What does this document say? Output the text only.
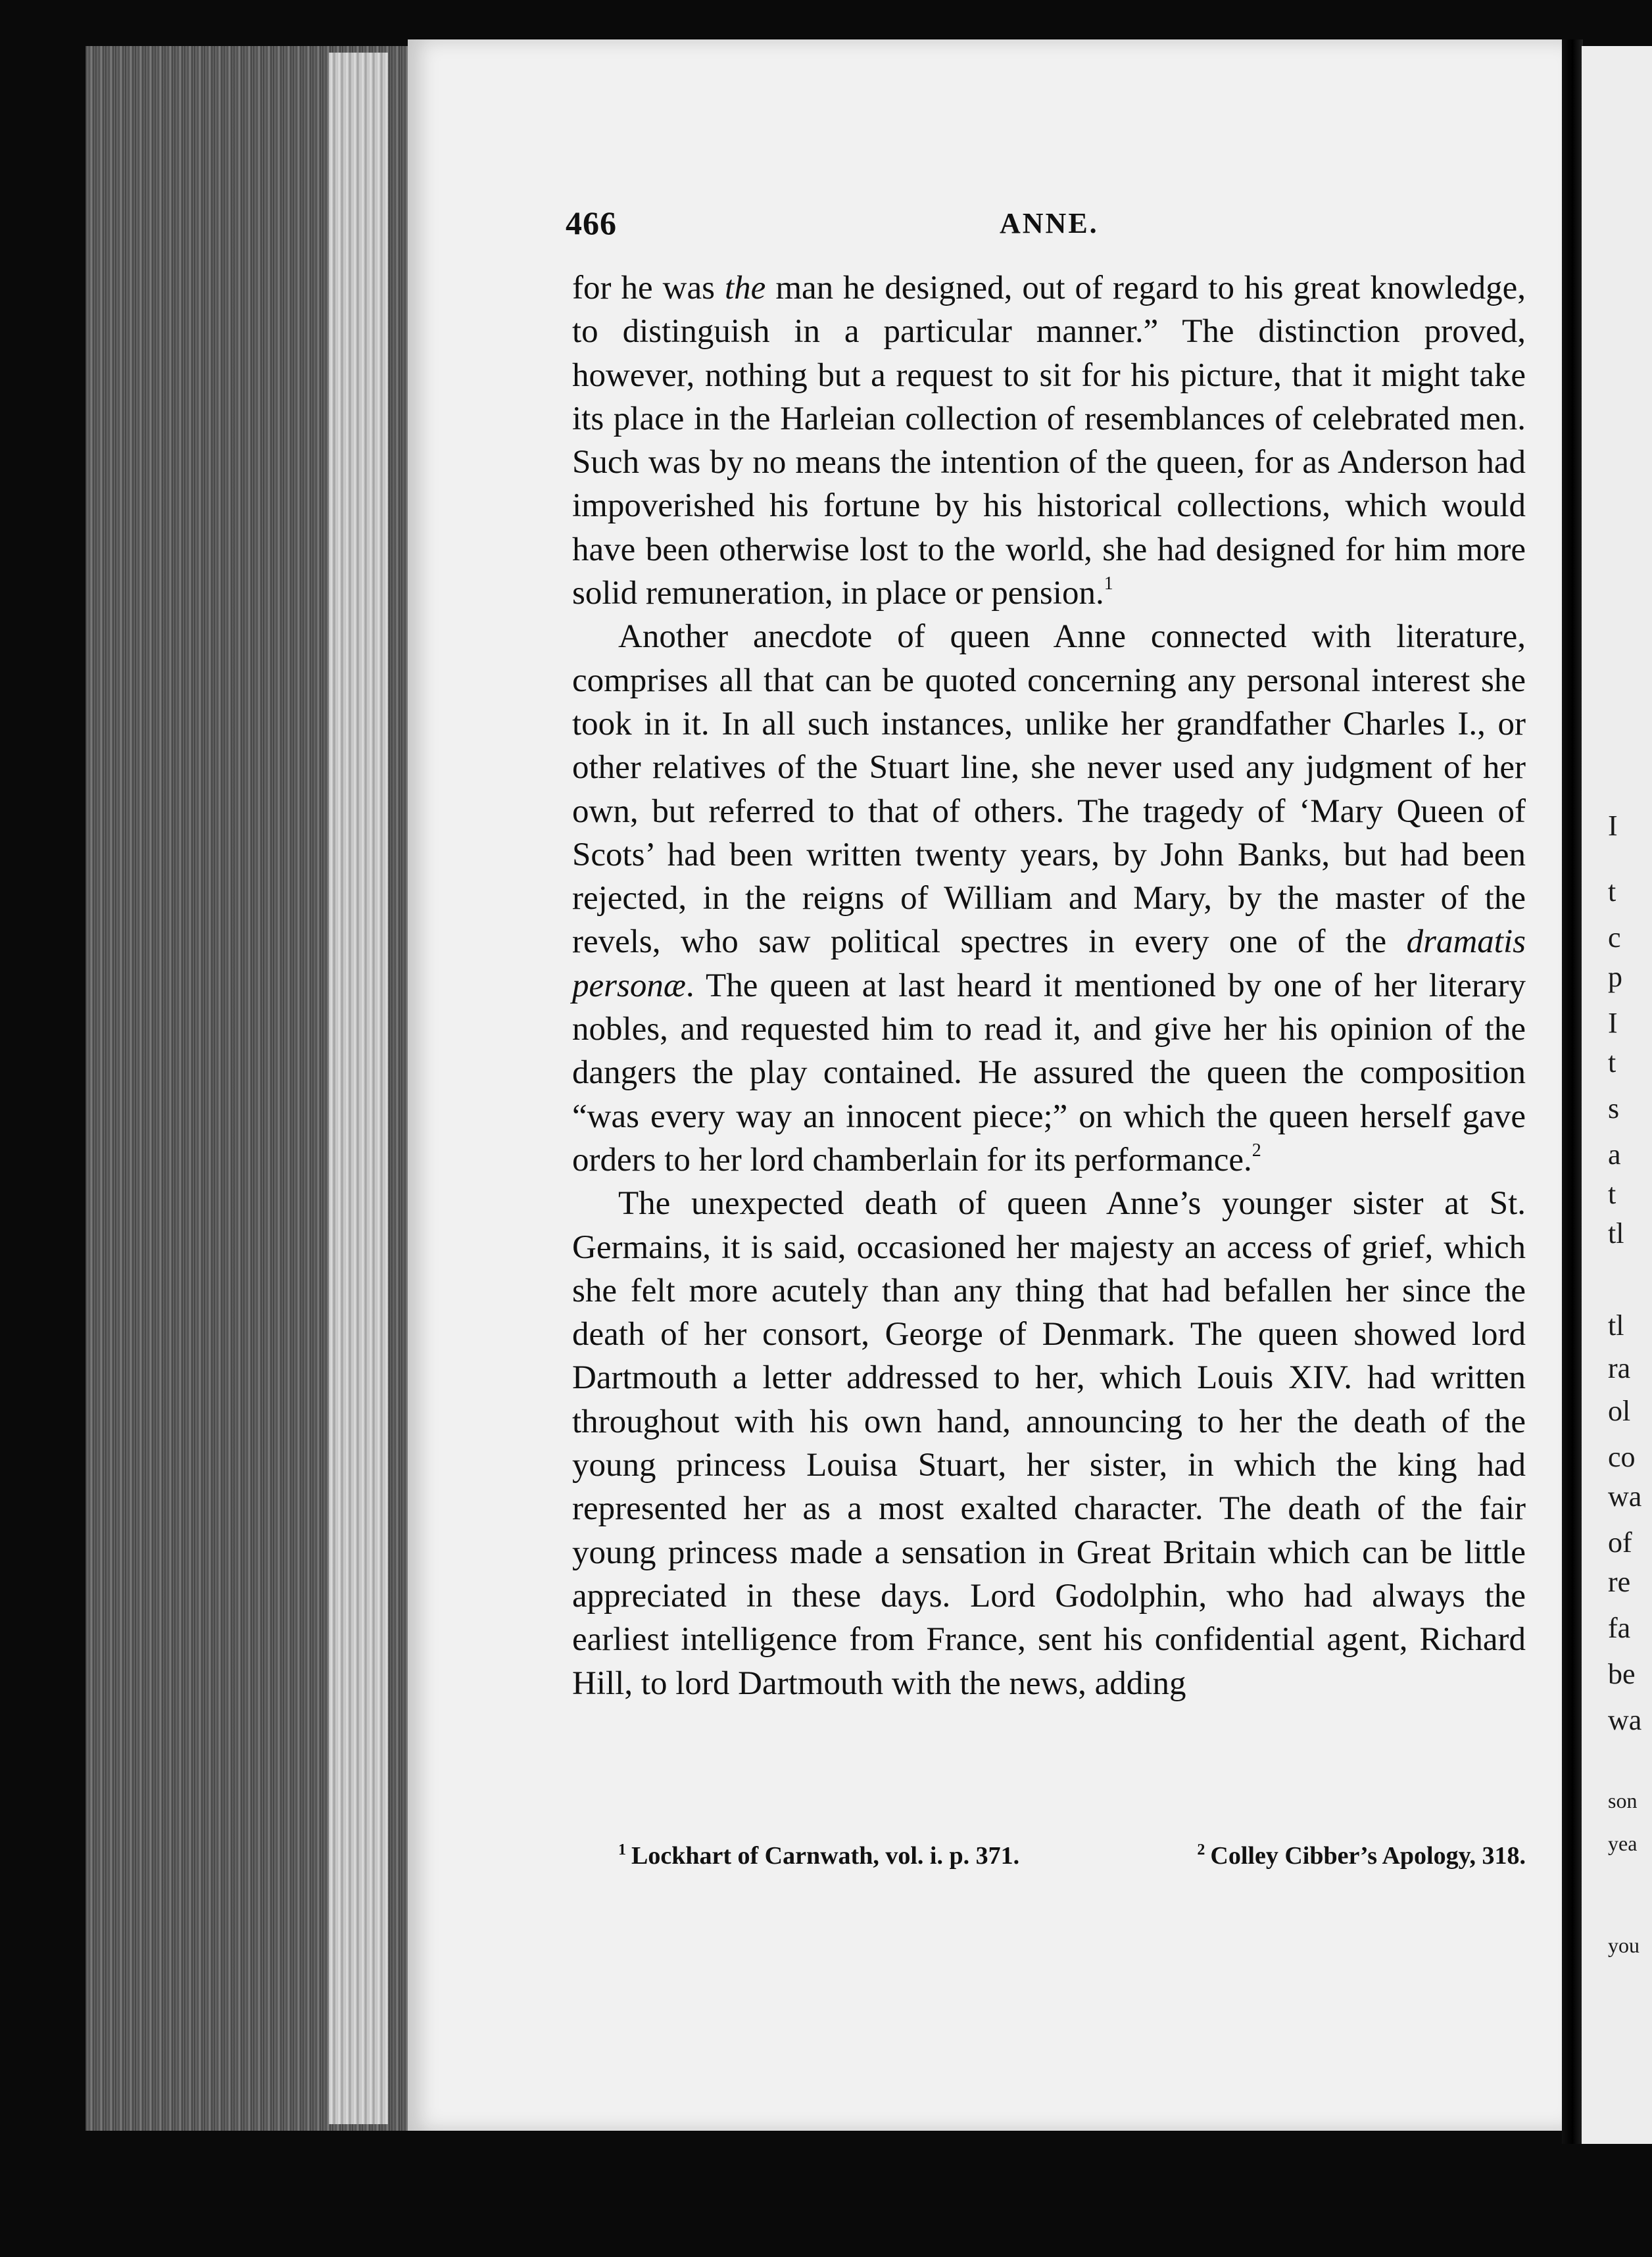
I
t
c
p
I
t
s
a
t
tl
tl
ra
ol
co
wa
of
re
fa
be
wa
son
yea
you
466	ANNE.

for he was the man he designed, out of regard to his great knowledge, to distinguish in a particular manner.” The distinction proved, however, nothing but a request to sit for his picture, that it might take its place in the Harleian collection of resemblances of celebrated men. Such was by no means the intention of the queen, for as Anderson had impoverished his fortune by his historical collections, which would have been otherwise lost to the world, she had designed for him more solid remuneration, in place or pension.$^1$

Another anecdote of queen Anne connected with literature, comprises all that can be quoted concerning any personal interest she took in it. In all such instances, unlike her grandfather Charles I., or other relatives of the Stuart line, she never used any judgment of her own, but referred to that of others. The tragedy of ‘Mary Queen of Scots’ had been written twenty years, by John Banks, but had been rejected, in the reigns of William and Mary, by the master of the revels, who saw political spectres in every one of the dramatis personæ. The queen at last heard it mentioned by one of her literary nobles, and requested him to read it, and give her his opinion of the dangers the play contained. He assured the queen the composition “was every way an innocent piece;” on which the queen herself gave orders to her lord chamberlain for its performance.$^2$

The unexpected death of queen Anne’s younger sister at St. Germains, it is said, occasioned her majesty an access of grief, which she felt more acutely than any thing that had befallen her since the death of her consort, George of Denmark. The queen showed lord Dartmouth a letter addressed to her, which Louis XIV. had written throughout with his own hand, announcing to her the death of the young princess Louisa Stuart, her sister, in which the king had represented her as a most exalted character. The death of the fair young princess made a sensation in Great Britain which can be little appreciated in these days. Lord Godolphin, who had always the earliest intelligence from France, sent his confidential agent, Richard Hill, to lord Dartmouth with the news, adding

$^1$ Lockhart of Carnwath, vol. i. p. 371.	$^2$ Colley Cibber’s Apology, 318.
